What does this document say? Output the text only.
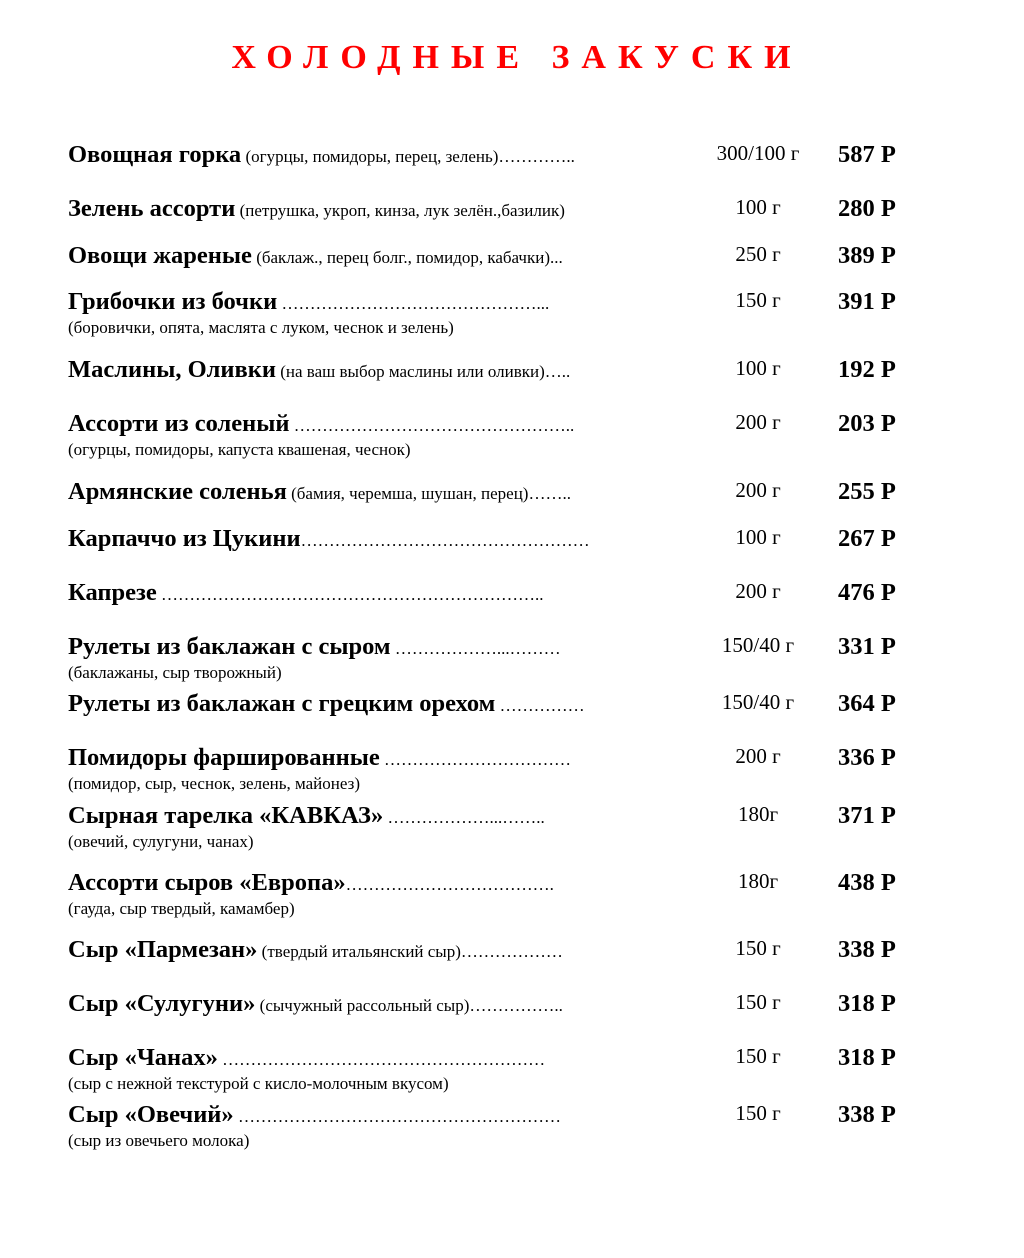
ХОЛОДНЫЕ ЗАКУСКИ
Овощная горка (огурцы, помидоры, перец, зелень)…………..	300/100 г	587 Р
Зелень ассорти (петрушка, укроп, кинза, лук зелён.,базилик)	100 г	280 Р
Овощи жареные (баклаж., перец болг., помидор, кабачки)...	250 г	389 Р
Грибочки из бочки ………………………………………...	150 г	391 Р
(боровички, опята, маслята с луком, чеснок и зелень)
Маслины, Оливки (на ваш выбор маслины или оливки)…..	100 г	192 Р
Ассорти из соленый …………………………………………..	200 г	203 Р
(огурцы, помидоры, капуста квашеная, чеснок)
Армянские соленья (бамия, черемша, шушан, перец)……..	200 г	255 Р
Карпаччо из Цукини……………………………………………	100 г	267 Р
Капрезе …………………………………………………………..	200 г	476 Р
Рулеты из баклажан с сыром ………………...………	150/40 г	331 Р
(баклажаны, сыр творожный)
Рулеты из баклажан с грецким орехом ……………	150/40 г	364 Р
Помидоры фаршированные ……………………………	200 г	336 Р
(помидор, сыр, чеснок, зелень, майонез)
Сырная тарелка «КАВКАЗ» ………………...……..	180г	371 Р
(овечий, сулугуни, чанах)
Ассорти сыров «Европа»……………………………….	180г	438 Р
(гауда, сыр твердый, камамбер)
Сыр «Пармезан» (твердый итальянский сыр)………………	150 г	338 Р
Сыр «Сулугуни» (сычужный рассольный сыр)……………..	150 г	318 Р
Сыр «Чанах» …………………………………………………	150 г	318 Р
(сыр с нежной текстурой с кисло-молочным вкусом)
Сыр «Овечий» …………………………………………………	150 г	338 Р
(сыр из овечьего молока)
